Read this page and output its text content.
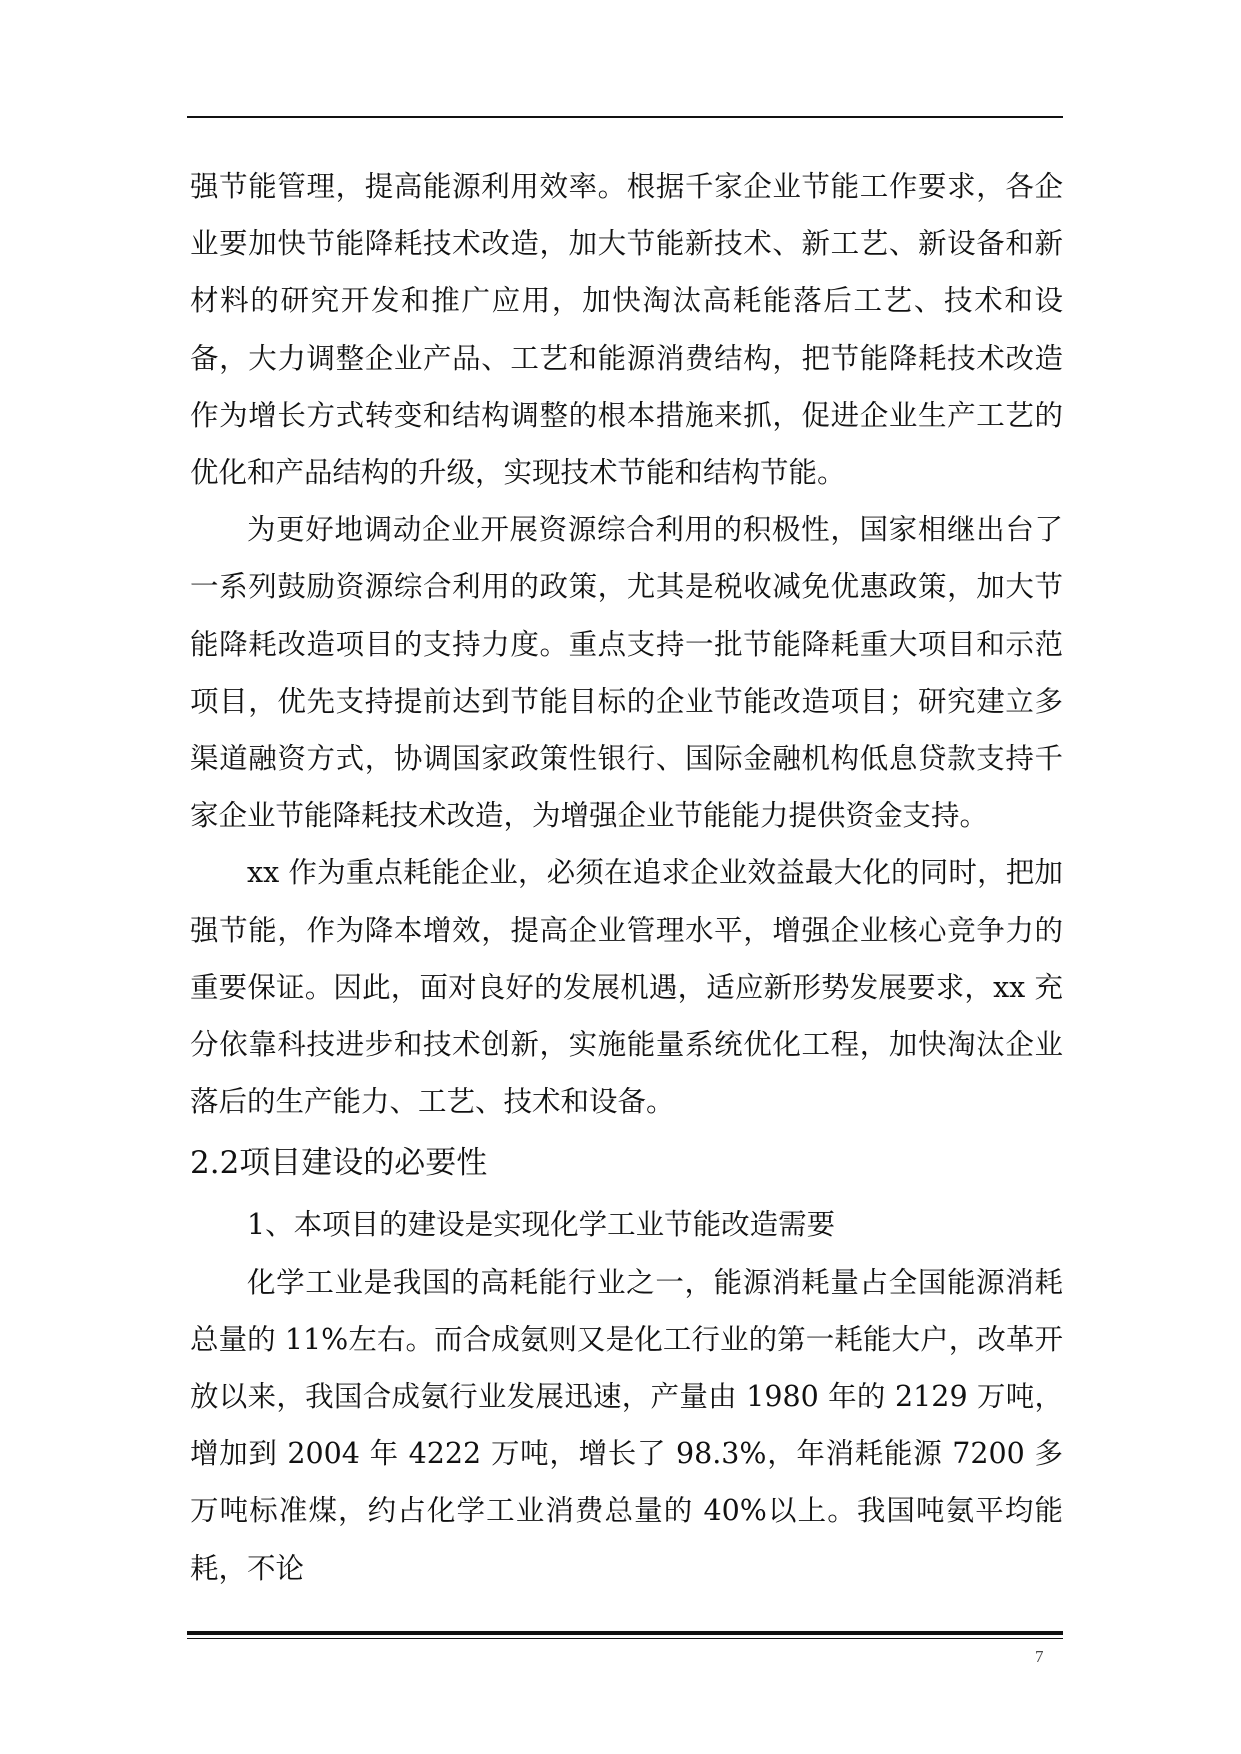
强节能管理，提高能源利用效率。根据千家企业节能工作要求，各企业要加快节能降耗技术改造，加大节能新技术、新工艺、新设备和新材料的研究开发和推广应用，加快淘汰高耗能落后工艺、技术和设备，大力调整企业产品、工艺和能源消费结构，把节能降耗技术改造作为增长方式转变和结构调整的根本措施来抓，促进企业生产工艺的优化和产品结构的升级，实现技术节能和结构节能。

为更好地调动企业开展资源综合利用的积极性，国家相继出台了一系列鼓励资源综合利用的政策，尤其是税收减免优惠政策，加大节能降耗改造项目的支持力度。重点支持一批节能降耗重大项目和示范项目，优先支持提前达到节能目标的企业节能改造项目；研究建立多渠道融资方式，协调国家政策性银行、国际金融机构低息贷款支持千家企业节能降耗技术改造，为增强企业节能能力提供资金支持。

xx 作为重点耗能企业，必须在追求企业效益最大化的同时，把加强节能，作为降本增效，提高企业管理水平，增强企业核心竞争力的重要保证。因此，面对良好的发展机遇，适应新形势发展要求，xx 充分依靠科技进步和技术创新，实施能量系统优化工程，加快淘汰企业落后的生产能力、工艺、技术和设备。

2.2项目建设的必要性

1、本项目的建设是实现化学工业节能改造需要

化学工业是我国的高耗能行业之一，能源消耗量占全国能源消耗总量的 11%左右。而合成氨则又是化工行业的第一耗能大户，改革开放以来，我国合成氨行业发展迅速，产量由 1980 年的 2129 万吨，增加到 2004 年 4222 万吨，增长了 98.3%，年消耗能源 7200 多万吨标准煤，约占化学工业消费总量的 40%以上。我国吨氨平均能耗，不论

7
